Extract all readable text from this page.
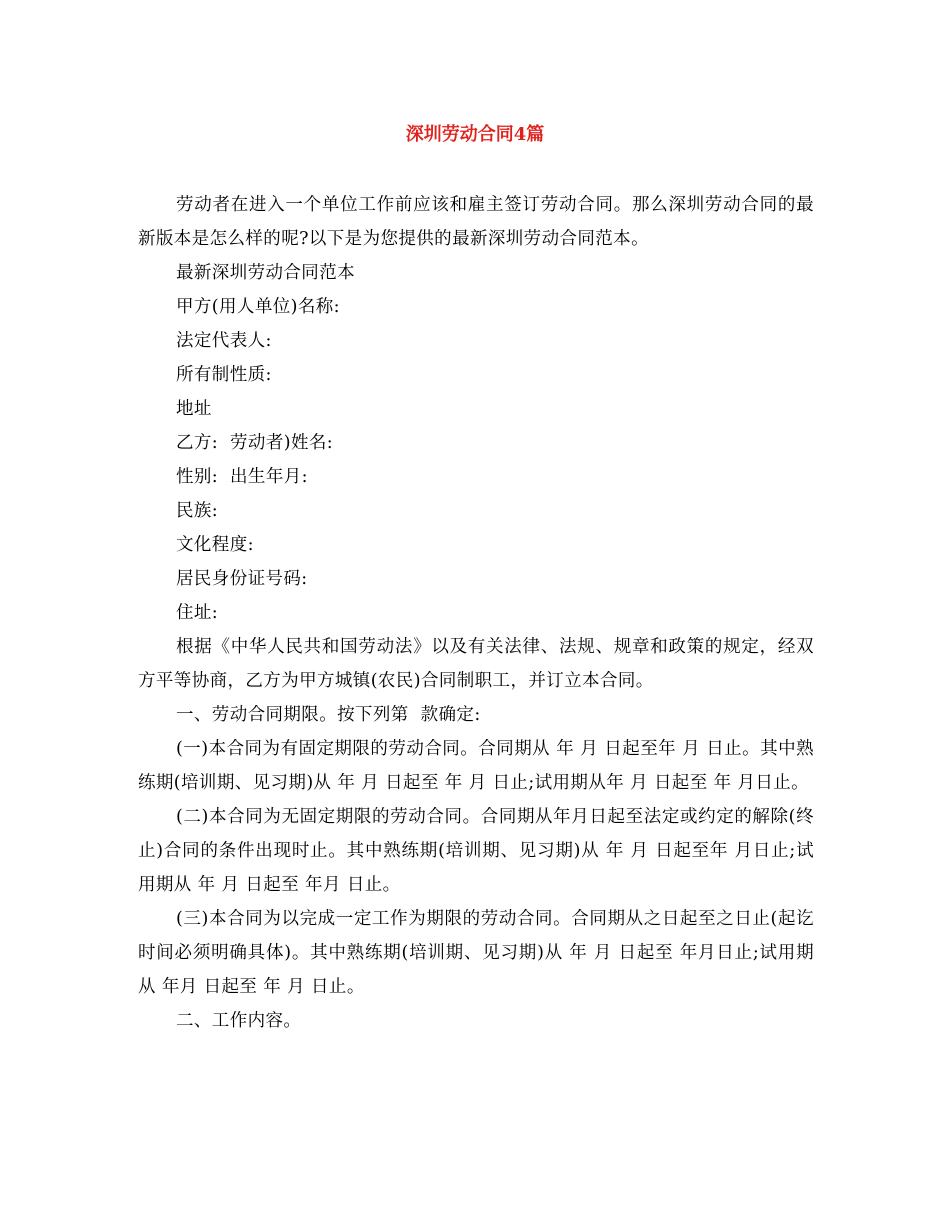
深圳劳动合同4篇

劳动者在进入一个单位工作前应该和雇主签订劳动合同。那么深圳劳动合同的最新版本是怎么样的呢?以下是为您提供的最新深圳劳动合同范本。

最新深圳劳动合同范本

甲方(用人单位)名称:

法定代表人:

所有制性质:

地址

乙方:  劳动者)姓名:

性别:  出生年月:

民族:

文化程度:

居民身份证号码:

住址:

根据《中华人民共和国劳动法》以及有关法律、法规、规章和政策的规定，经双方平等协商，乙方为甲方城镇(农民)合同制职工，并订立本合同。

一、劳动合同期限。按下列第  款确定:

(一)本合同为有固定期限的劳动合同。合同期从 年 月 日起至年 月 日止。其中熟练期(培训期、见习期)从 年 月 日起至 年 月 日止;试用期从年 月 日起至 年 月日止。

(二)本合同为无固定期限的劳动合同。合同期从年月日起至法定或约定的解除(终止)合同的条件出现时止。其中熟练期(培训期、见习期)从 年 月 日起至年 月日止;试用期从 年 月 日起至 年月 日止。

(三)本合同为以完成一定工作为期限的劳动合同。合同期从之日起至之日止(起讫时间必须明确具体)。其中熟练期(培训期、见习期)从 年 月 日起至 年月日止;试用期从 年月 日起至 年 月 日止。

二、工作内容。
